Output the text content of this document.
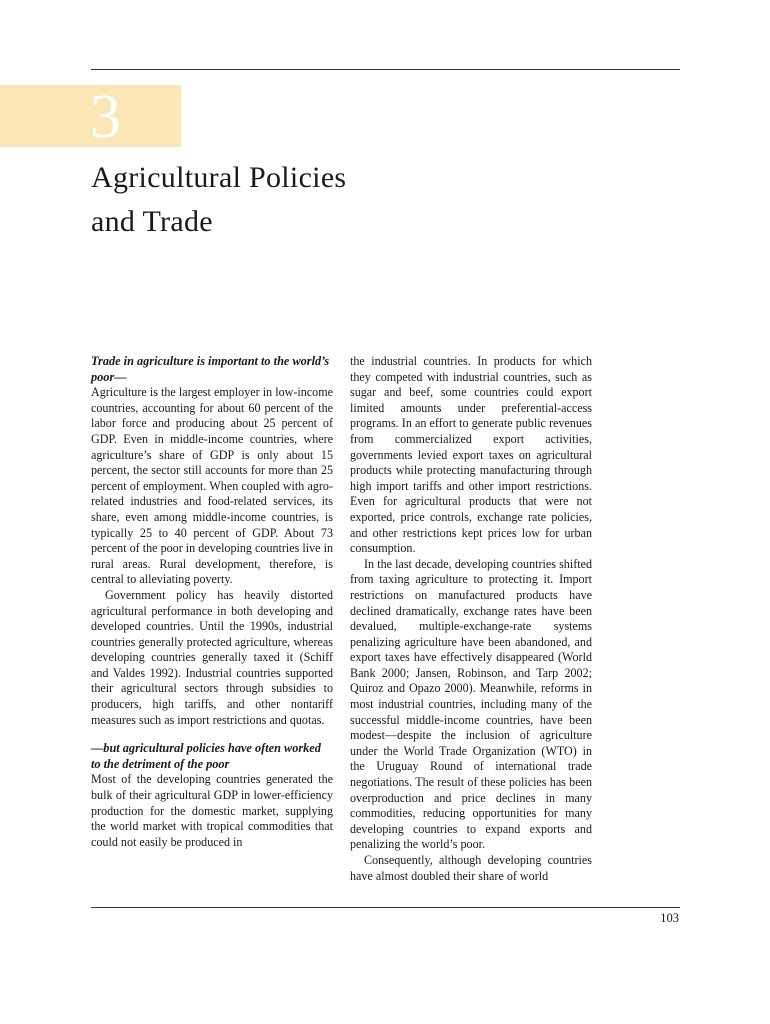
3
Agricultural Policies
and Trade
Trade in agriculture is important to the world’s poor—

Agriculture is the largest employer in low-income countries, accounting for about 60 percent of the labor force and producing about 25 percent of GDP. Even in middle-income countries, where agriculture’s share of GDP is only about 15 percent, the sector still accounts for more than 25 percent of employment. When coupled with agro-related industries and food-related services, its share, even among middle-income countries, is typically 25 to 40 percent of GDP. About 73 percent of the poor in developing countries live in rural areas. Rural development, therefore, is central to alleviating poverty.

Government policy has heavily distorted agricultural performance in both developing and developed countries. Until the 1990s, industrial countries generally protected agriculture, whereas developing countries generally taxed it (Schiff and Valdes 1992). Industrial countries supported their agricultural sectors through subsidies to producers, high tariffs, and other nontariff measures such as import restrictions and quotas.

—but agricultural policies have often worked to the detriment of the poor

Most of the developing countries generated the bulk of their agricultural GDP in lower-efficiency production for the domestic market, supplying the world market with tropical commodities that could not easily be produced in

the industrial countries. In products for which they competed with industrial countries, such as sugar and beef, some countries could export limited amounts under preferential-access programs. In an effort to generate public revenues from commercialized export activities, governments levied export taxes on agricultural products while protecting manufacturing through high import tariffs and other import restrictions. Even for agricultural products that were not exported, price controls, exchange rate policies, and other restrictions kept prices low for urban consumption.

In the last decade, developing countries shifted from taxing agriculture to protecting it. Import restrictions on manufactured products have declined dramatically, exchange rates have been devalued, multiple-exchange-rate systems penalizing agriculture have been abandoned, and export taxes have effectively disappeared (World Bank 2000; Jansen, Robinson, and Tarp 2002; Quiroz and Opazo 2000). Meanwhile, reforms in most industrial countries, including many of the successful middle-income countries, have been modest—despite the inclusion of agriculture under the World Trade Organization (WTO) in the Uruguay Round of international trade negotiations. The result of these policies has been overproduction and price declines in many commodities, reducing opportunities for many developing countries to expand exports and penalizing the world’s poor.

Consequently, although developing countries have almost doubled their share of world

103
